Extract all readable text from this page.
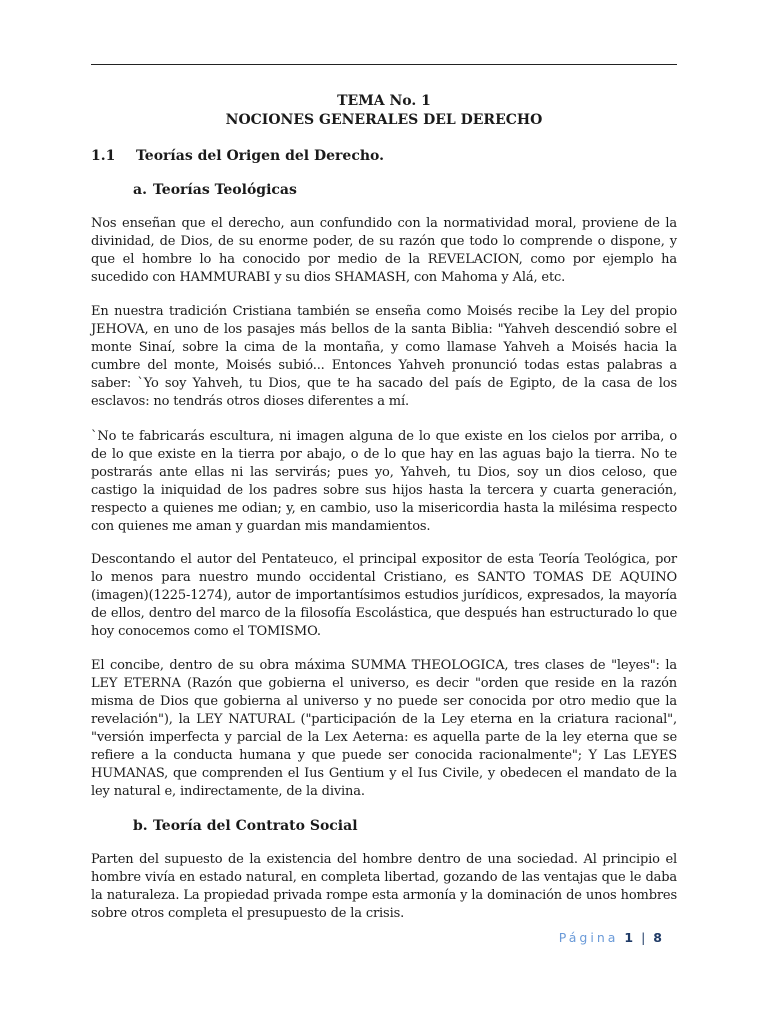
TEMA No. 1
NOCIONES GENERALES DEL DERECHO
1.1 Teorías del Origen del Derecho.
a. Teorías Teológicas

Nos enseñan que el derecho, aun confundido con la normatividad moral, proviene de la divinidad, de Dios, de su enorme poder, de su razón que todo lo comprende o dispone, y que el hombre lo ha conocido por medio de la REVELACION, como por ejemplo ha sucedido con HAMMURABI y su dios SHAMASH, con Mahoma y Alá, etc.

En nuestra tradición Cristiana también se enseña como Moisés recibe la Ley del propio JEHOVA, en uno de los pasajes más bellos de la santa Biblia: "Yahveh descendió sobre el monte Sinaí, sobre la cima de la montaña, y como llamase Yahveh a Moisés hacia la cumbre del monte, Moisés subió... Entonces Yahveh pronunció todas estas palabras a saber: `Yo soy Yahveh, tu Dios, que te ha sacado del país de Egipto, de la casa de los esclavos: no tendrás otros dioses diferentes a mí.

`No te fabricarás escultura, ni imagen alguna de lo que existe en los cielos por arriba, o de lo que existe en la tierra por abajo, o de lo que hay en las aguas bajo la tierra. No te postrarás ante ellas ni las servirás; pues yo, Yahveh, tu Dios, soy un dios celoso, que castigo la iniquidad de los padres sobre sus hijos hasta la tercera y cuarta generación, respecto a quienes me odian; y, en cambio, uso la misericordia hasta la milésima respecto con quienes me aman y guardan mis mandamientos.

Descontando el autor del Pentateuco, el principal expositor de esta Teoría Teológica, por lo menos para nuestro mundo occidental Cristiano, es SANTO TOMAS DE AQUINO (imagen)(1225-1274), autor de importantísimos estudios jurídicos, expresados, la mayoría de ellos, dentro del marco de la filosofía Escolástica, que después han estructurado lo que hoy conocemos como el TOMISMO.

El concibe, dentro de su obra máxima SUMMA THEOLOGICA, tres clases de "leyes": la LEY ETERNA (Razón que gobierna el universo, es decir "orden que reside en la razón misma de Dios que gobierna al universo y no puede ser conocida por otro medio que la revelación"), la LEY NATURAL ("participación de la Ley eterna en la criatura racional", "versión imperfecta y parcial de la Lex Aeterna: es aquella parte de la ley eterna que se refiere a la conducta humana y que puede ser conocida racionalmente"; Y Las LEYES HUMANAS, que comprenden el Ius Gentium y el Ius Civile, y obedecen el mandato de la ley natural e, indirectamente, de la divina.

b. Teoría del Contrato Social

Parten del supuesto de la existencia del hombre dentro de una sociedad. Al principio el hombre vivía en estado natural, en completa libertad, gozando de las ventajas que le daba la naturaleza. La propiedad privada rompe esta armonía y la dominación de unos hombres sobre otros completa el presupuesto de la crisis.

Página 1 | 8
